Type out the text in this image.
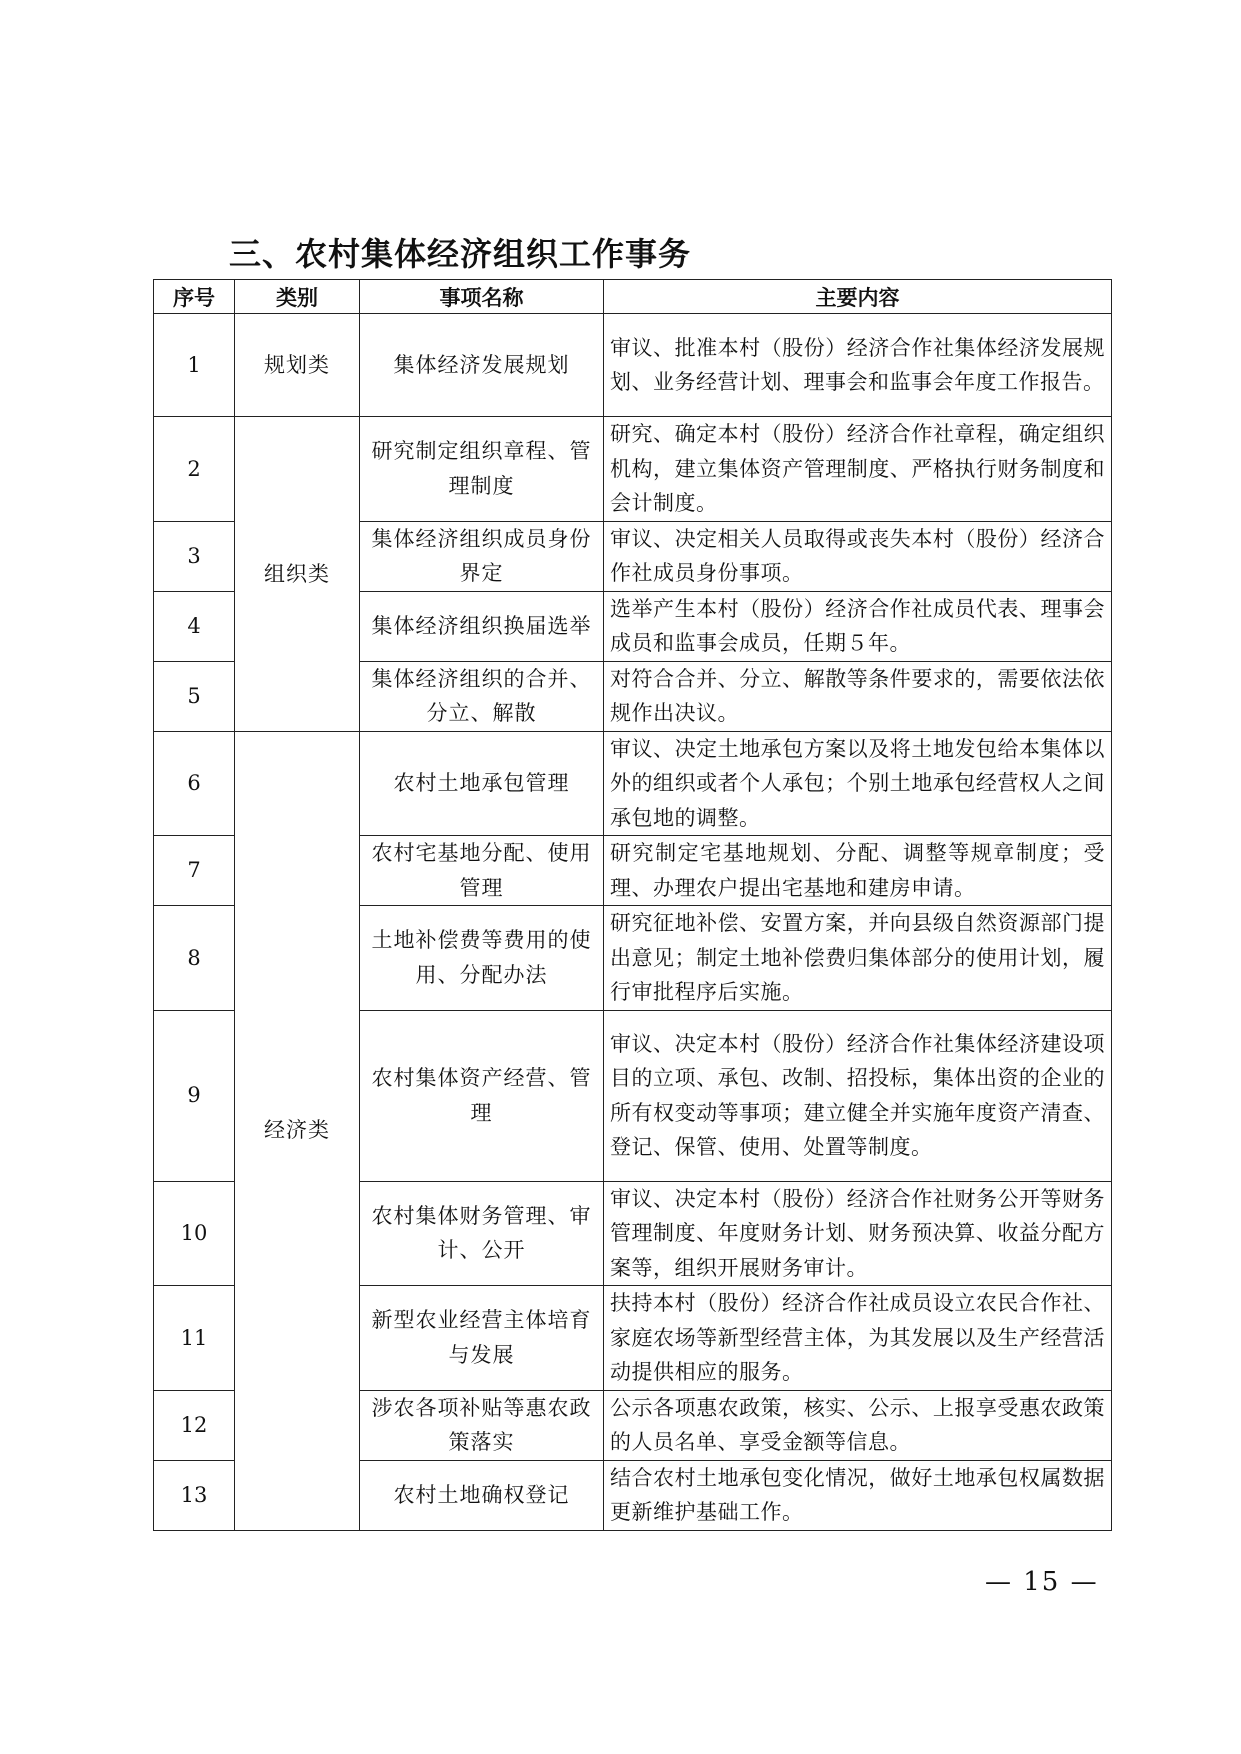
三、农村集体经济组织工作事务
序号	类别	事项名称	主要内容
1	规划类	集体经济发展规划	审议、批准本村（股份）经济合作社集体经济发展规划、业务经营计划、理事会和监事会年度工作报告。
2	组织类	研究制定组织章程、管理制度	研究、确定本村（股份）经济合作社章程，确定组织机构，建立集体资产管理制度、严格执行财务制度和会计制度。
3		集体经济组织成员身份界定	审议、决定相关人员取得或丧失本村（股份）经济合作社成员身份事项。
4		集体经济组织换届选举	选举产生本村（股份）经济合作社成员代表、理事会成员和监事会成员，任期５年。
5		集体经济组织的合并、分立、解散	对符合合并、分立、解散等条件要求的，需要依法依规作出决议。
6	经济类	农村土地承包管理	审议、决定土地承包方案以及将土地发包给本集体以外的组织或者个人承包；个别土地承包经营权人之间承包地的调整。
7		农村宅基地分配、使用管理	研究制定宅基地规划、分配、调整等规章制度；受理、办理农户提出宅基地和建房申请。
8		土地补偿费等费用的使用、分配办法	研究征地补偿、安置方案，并向县级自然资源部门提出意见；制定土地补偿费归集体部分的使用计划，履行审批程序后实施。
9		农村集体资产经营、管理	审议、决定本村（股份）经济合作社集体经济建设项目的立项、承包、改制、招投标，集体出资的企业的所有权变动等事项；建立健全并实施年度资产清查、登记、保管、使用、处置等制度。
10		农村集体财务管理、审计、公开	审议、决定本村（股份）经济合作社财务公开等财务管理制度、年度财务计划、财务预决算、收益分配方案等，组织开展财务审计。
11		新型农业经营主体培育与发展	扶持本村（股份）经济合作社成员设立农民合作社、家庭农场等新型经营主体，为其发展以及生产经营活动提供相应的服务。
12		涉农各项补贴等惠农政策落实	公示各项惠农政策，核实、公示、上报享受惠农政策的人员名单、享受金额等信息。
13		农村土地确权登记	结合农村土地承包变化情况，做好土地承包权属数据更新维护基础工作。
— 15 —
